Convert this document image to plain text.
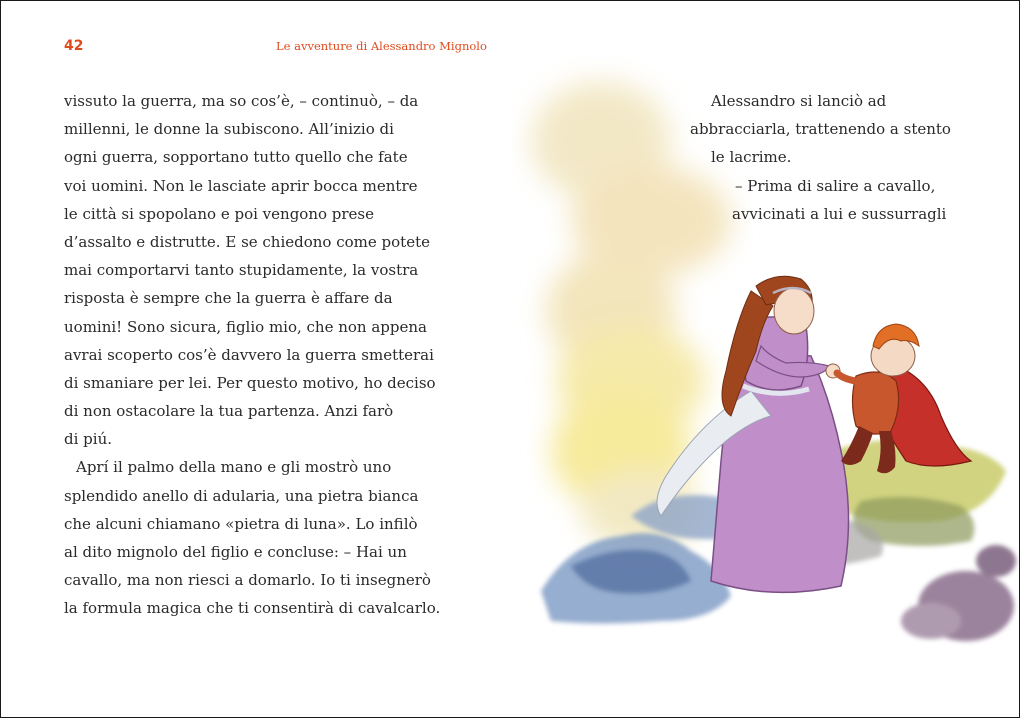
42	Le avventure di Alessandro Mignolo
vissuto la guerra, ma so cos’è, – continuò, – da
millenni, le donne la subiscono. All’inizio di
ogni guerra, sopportano tutto quello che fate
voi uomini. Non le lasciate aprir bocca mentre
le città si spopolano e poi vengono prese
d’assalto e distrutte. E se chiedono come potete
mai comportarvi tanto stupidamente, la vostra
risposta è sempre che la guerra è affare da
uomini! Sono sicura, figlio mio, che non appena
avrai scoperto cos’è davvero la guerra smetterai
di smaniare per lei. Per questo motivo, ho deciso
di non ostacolare la tua partenza. Anzi farò
di piú.
Aprí il palmo della mano e gli mostrò uno
splendido anello di adularia, una pietra bianca
che alcuni chiamano «pietra di luna». Lo infilò
al dito mignolo del figlio e concluse: – Hai un
cavallo, ma non riesci a domarlo. Io ti insegnerò
la formula magica che ti consentirà di cavalcarlo.
Alessandro si lanciò ad
abbracciarla, trattenendo a stento
le lacrime.
– Prima di salire a cavallo,
avvicinati a lui e sussurragli
